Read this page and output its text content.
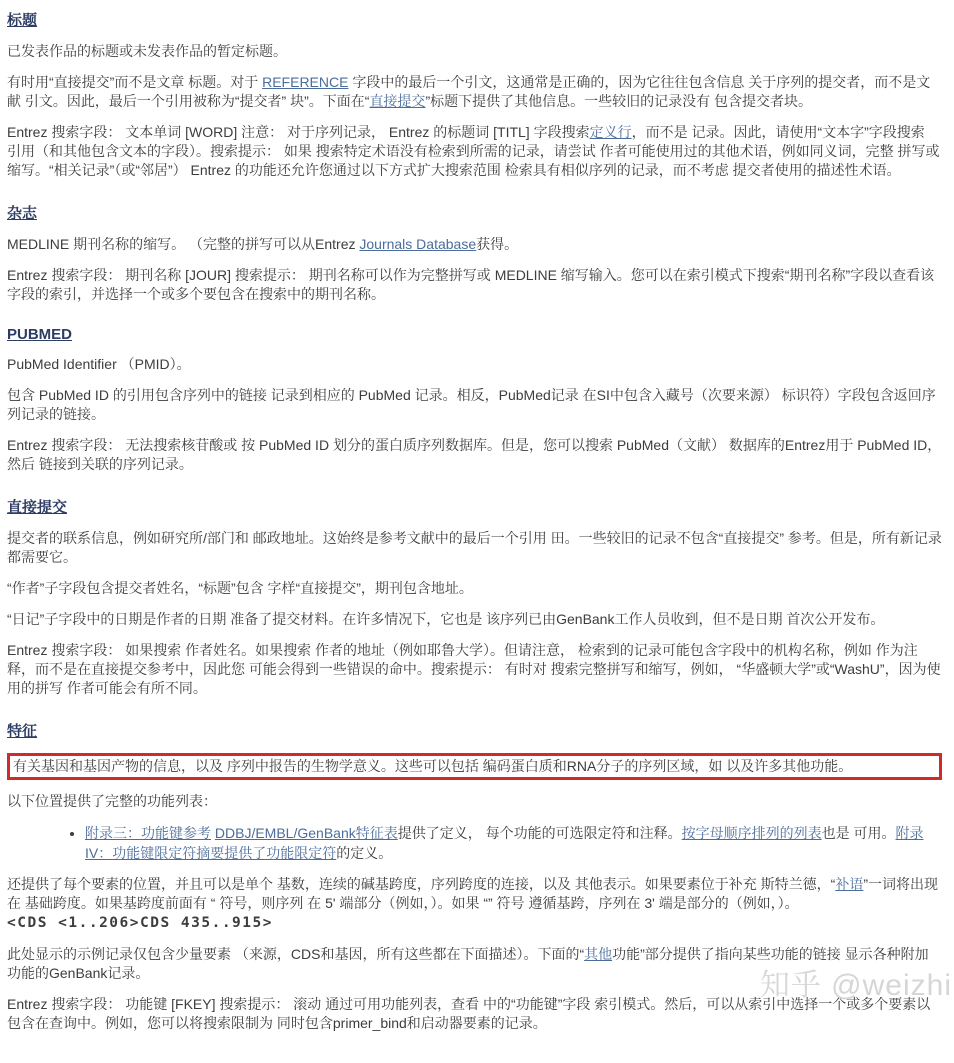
标题

已发表作品的标题或未发表作品的暂定标题。

有时用“直接提交”而不是文章 标题。对于 REFERENCE 字段中的最后一个引文，这通常是正确的，因为它往往包含信息 关于序列的提交者，而不是文献 引文。因此，最后一个引用被称为“提交者” 块”。下面在“直接提交”标题下提供了其他信息。一些较旧的记录没有 包含提交者块。

Entrez 搜索字段： 文本单词 [WORD] 注意： 对于序列记录， Entrez 的标题词 [TITL] 字段搜索定义行，而不是 记录。因此，请使用“文本字”字段搜索 引用（和其他包含文本的字段）。搜索提示： 如果 搜索特定术语没有检索到所需的记录，请尝试 作者可能使用过的其他术语，例如同义词，完整 拼写或缩写。“相关记录”（或“邻居”） Entrez 的功能还允许您通过以下方式扩大搜索范围 检索具有相似序列的记录，而不考虑 提交者使用的描述性术语。

杂志

MEDLINE 期刊名称的缩写。 （完整的拼写可以从Entrez Journals Database获得。

Entrez 搜索字段： 期刊名称 [JOUR] 搜索提示： 期刊名称可以作为完整拼写或 MEDLINE 缩写输入。您可以在索引模式下搜索“期刊名称”字段以查看该字段的索引，并选择一个或多个要包含在搜索中的期刊名称。

PUBMED

PubMed Identifier （PMID）。

包含 PubMed ID 的引用包含序列中的链接 记录到相应的 PubMed 记录。相反，PubMed记录 在SI中包含入藏号（次要来源） 标识符）字段包含返回序列记录的链接。

Entrez 搜索字段： 无法搜索核苷酸或 按 PubMed ID 划分的蛋白质序列数据库。但是，您可以搜索 PubMed（文献） 数据库的Entrez用于 PubMed ID，然后 链接到关联的序列记录。

直接提交

提交者的联系信息，例如研究所/部门和 邮政地址。这始终是参考文献中的最后一个引用 田。一些较旧的记录不包含“直接提交” 参考。但是，所有新记录都需要它。

“作者”子字段包含提交者姓名，“标题”包含 字样“直接提交”，期刊包含地址。

“日记”子字段中的日期是作者的日期 准备了提交材料。在许多情况下，它也是 该序列已由GenBank工作人员收到，但不是日期 首次公开发布。

Entrez 搜索字段： 如果搜索 作者姓名。如果搜索 作者的地址（例如耶鲁大学）。但请注意， 检索到的记录可能包含字段中的机构名称，例如 作为注释，而不是在直接提交参考中，因此您 可能会得到一些错误的命中。搜索提示： 有时对 搜索完整拼写和缩写，例如， “华盛顿大学”或“WashU”，因为使用的拼写 作者可能会有所不同。

特征

有关基因和基因产物的信息，以及 序列中报告的生物学意义。这些可以包括 编码蛋白质和RNA分子的序列区域，如 以及许多其他功能。

以下位置提供了完整的功能列表：

• 附录三：功能键参考 DDBJ/EMBL/GenBank特征表提供了定义， 每个功能的可选限定符和注释。按字母顺序排列的列表也是 可用。附录 IV：功能键限定符摘要提供了功能限定符的定义。

还提供了每个要素的位置，并且可以是单个 基数，连续的碱基跨度，序列跨度的连接，以及 其他表示。如果要素位于补充 斯特兰德，“补语”一词将出现在 基础跨度。如果基跨度前面有 “ 符号，则序列 在 5' 端部分（例如，）。如果 “” 符号 遵循基跨，序列在 3' 端是部分的（例如，）。<CDS <1..206>CDS 435..915>

此处显示的示例记录仅包含少量要素 （来源，CDS和基因，所有这些都在下面描述）。下面的“其他功能”部分提供了指向某些功能的链接 显示各种附加功能的GenBank记录。

Entrez 搜索字段： 功能键 [FKEY] 搜索提示： 滚动 通过可用功能列表，查看 中的“功能键”字段 索引模式。然后，可以从索引中选择一个或多个要素以 包含在查询中。例如，您可以将搜索限制为 同时包含primer_bind和启动器要素的记录。

知乎 @weizhi
